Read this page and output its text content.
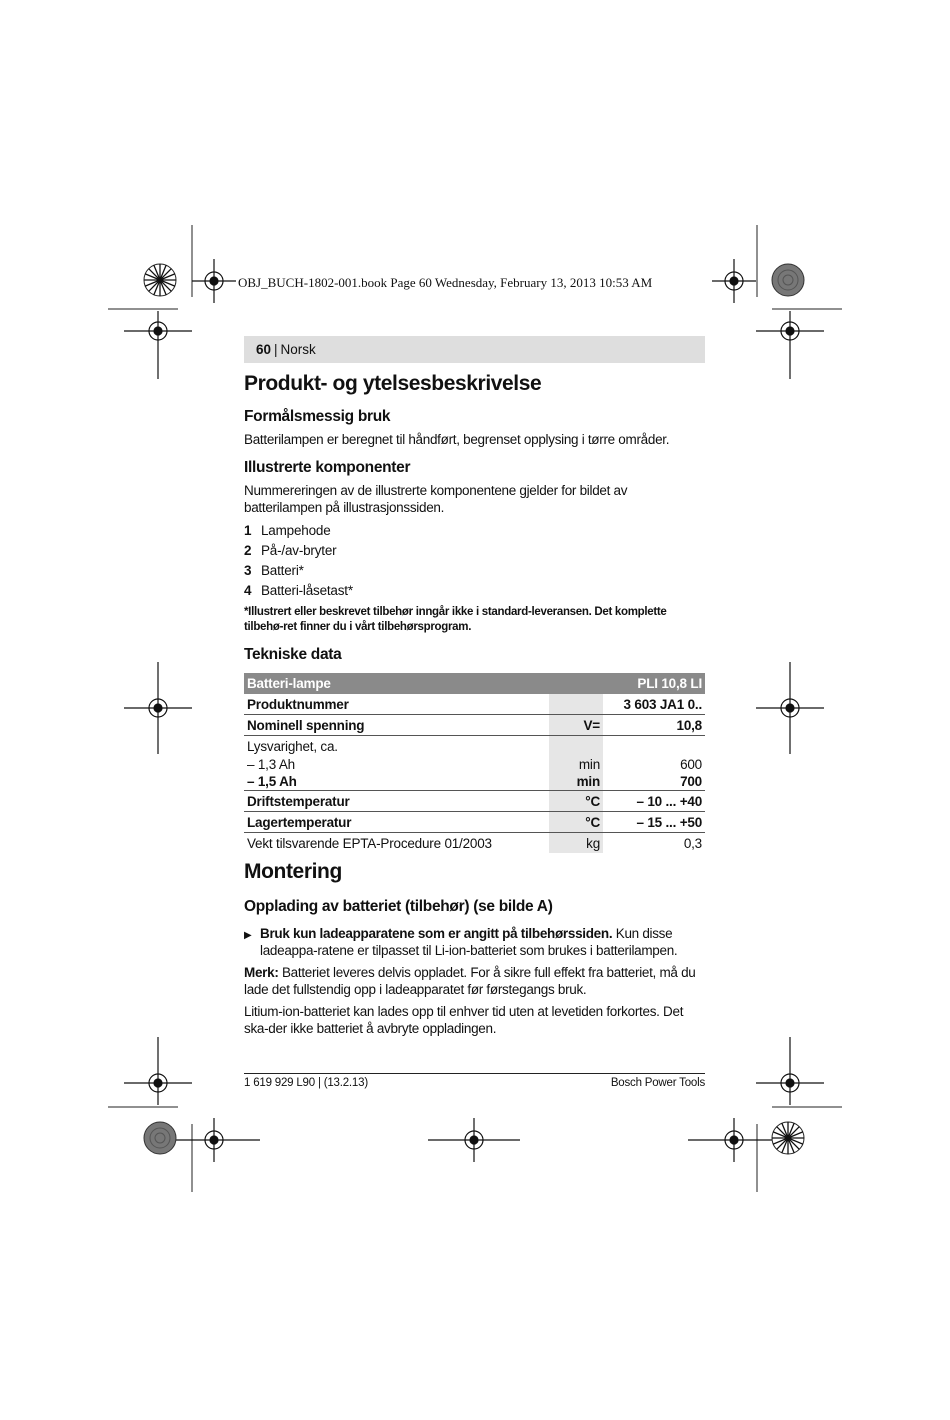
OBJ_BUCH-1802-001.book Page 60 Wednesday, February 13, 2013 10:53 AM
60 | Norsk
Produkt- og ytelsesbeskrivelse
Formålsmessig bruk
Batterilampen er beregnet til håndført, begrenset opplysing i tørre områder.
Illustrerte komponenter
Nummereringen av de illustrerte komponentene gjelder for bildet av batterilampen på illustrasjonssiden.
1 Lampehode
2 På-/av-bryter
3 Batteri*
4 Batteri-låsetast*
*Illustrert eller beskrevet tilbehør inngår ikke i standard-leveransen. Det komplette tilbehø-ret finner du i vårt tilbehørsprogram.
Tekniske data
Batteri-lampe		PLI 10,8 LI
Produktnummer		3 603 JA1 0..
Nominell spenning	V=	10,8
Lysvarighet, ca.		
– 1,3 Ah	min	600
– 1,5 Ah	min	700
Driftstemperatur	°C	– 10 ... +40
Lagertemperatur	°C	– 15 ... +50
Vekt tilsvarende EPTA-Procedure 01/2003	kg	0,3
Montering
Opplading av batteriet (tilbehør) (se bilde A)
▶ Bruk kun ladeapparatene som er angitt på tilbehørssiden. Kun disse ladeappa-ratene er tilpasset til Li-ion-batteriet som brukes i batterilampen.
Merk: Batteriet leveres delvis oppladet. For å sikre full effekt fra batteriet, må du lade det fullstendig opp i ladeapparatet før førstegangs bruk.
Litium-ion-batteriet kan lades opp til enhver tid uten at levetiden forkortes. Det ska-der ikke batteriet å avbryte oppladingen.
1 619 929 L90 | (13.2.13)	Bosch Power Tools
